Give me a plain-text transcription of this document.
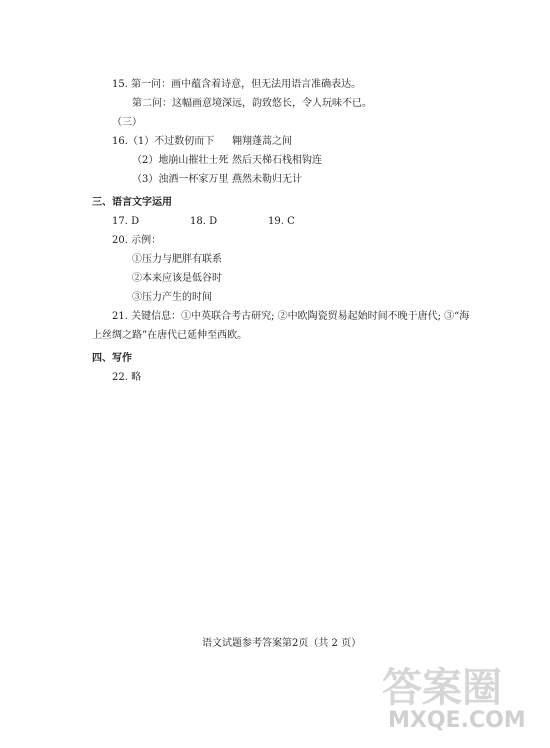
15. 第一问：画中蕴含着诗意，但无法用语言准确表达。
第二问：这幅画意境深远，韵致悠长，令人玩味不已。
（三）
16.（1）不过数仞而下 翱翔蓬蒿之间
（2）地崩山摧壮士死 然后天梯石栈相钩连
（3）浊酒一杯家万里 燕然未勒归无计
三、语言文字运用
17. D	18. D	19. C
20. 示例：
①压力与肥胖有联系
②本来应该是低谷时
③压力产生的时间
21. 关键信息：①中英联合考古研究; ②中欧陶瓷贸易起始时间不晚于唐代; ③“海
上丝绸之路”在唐代已延伸至西欧。
四、写作
22. 略
语文试题参考答案第2页（共 2 页）
答案圈
MXQE.COM
